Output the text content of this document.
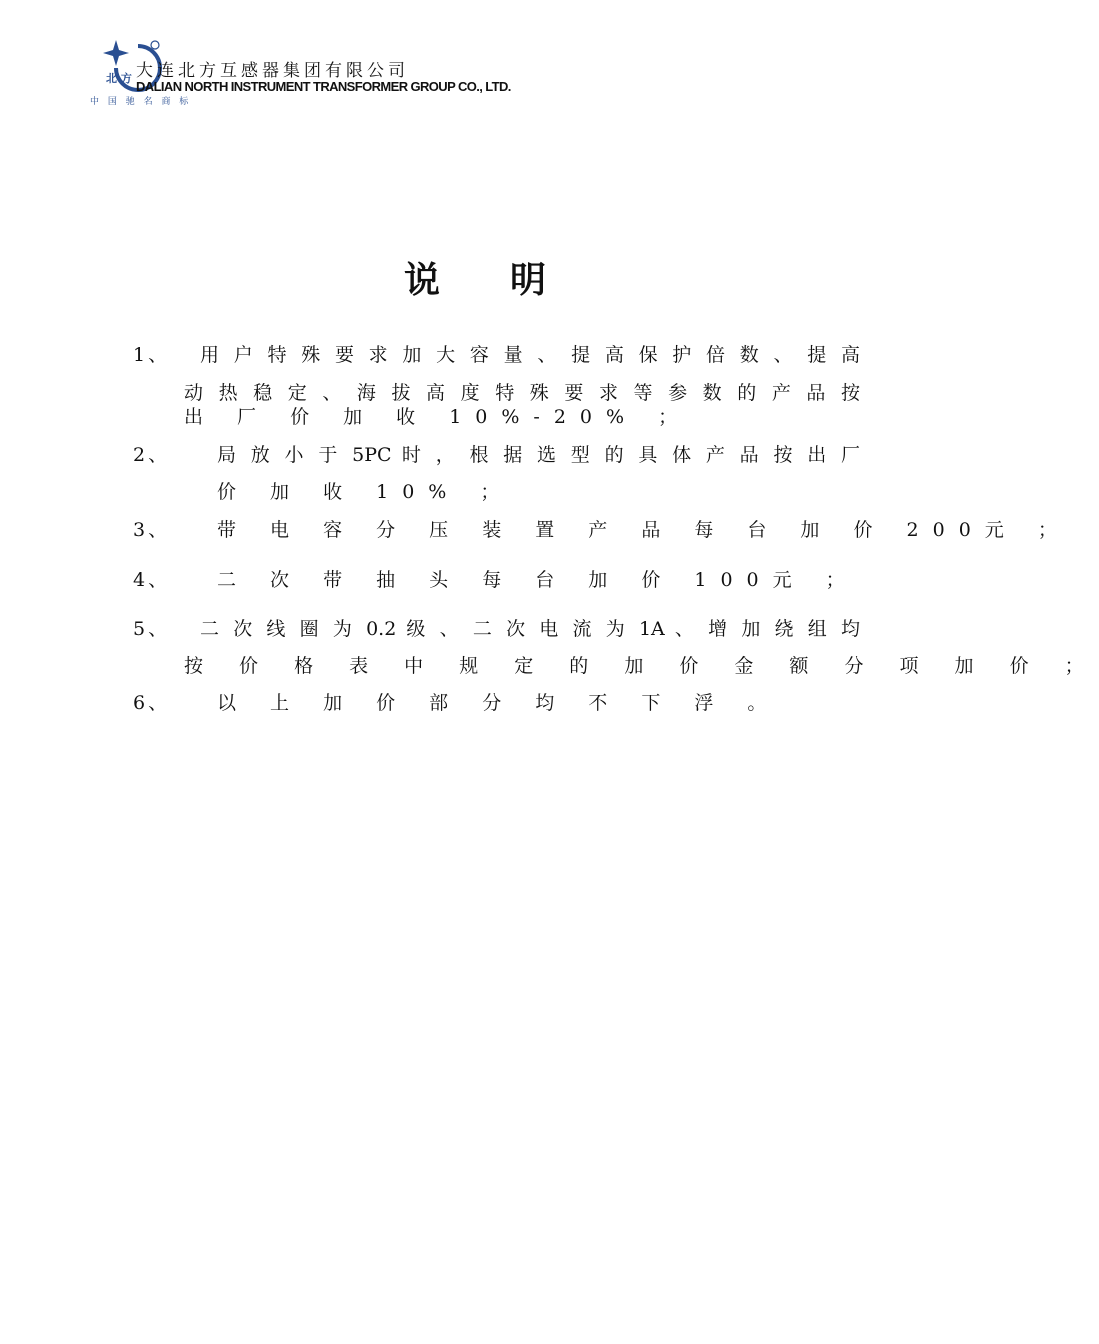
北 方
中 国 驰 名 商 标
大连北方互感器集团有限公司
DALIAN NORTH INSTRUMENT TRANSFORMER GROUP CO., LTD.
说明
1、 用 户 特 殊 要 求 加 大 容 量 、 提 高 保 护 倍 数 、 提 高
动 热 稳 定 、 海 拔 高 度 特 殊 要 求 等 参 数 的 产 品 按
出 厂 价 加 收 10%-20% ；
2、 局 放 小 于 5PC 时 ， 根 据 选 型 的 具 体 产 品 按 出 厂
价 加 收 10% ；
3、 带 电 容 分 压 装 置 产 品 每 台 加 价 200元 ；
4、 二 次 带 抽 头 每 台 加 价 100元 ；
5、 二 次 线 圈 为 0.2 级 、 二 次 电 流 为 1A 、 增 加 绕 组 均
按 价 格 表 中 规 定 的 加 价 金 额 分 项 加 价 ；
6、 以 上 加 价 部 分 均 不 下 浮 。
